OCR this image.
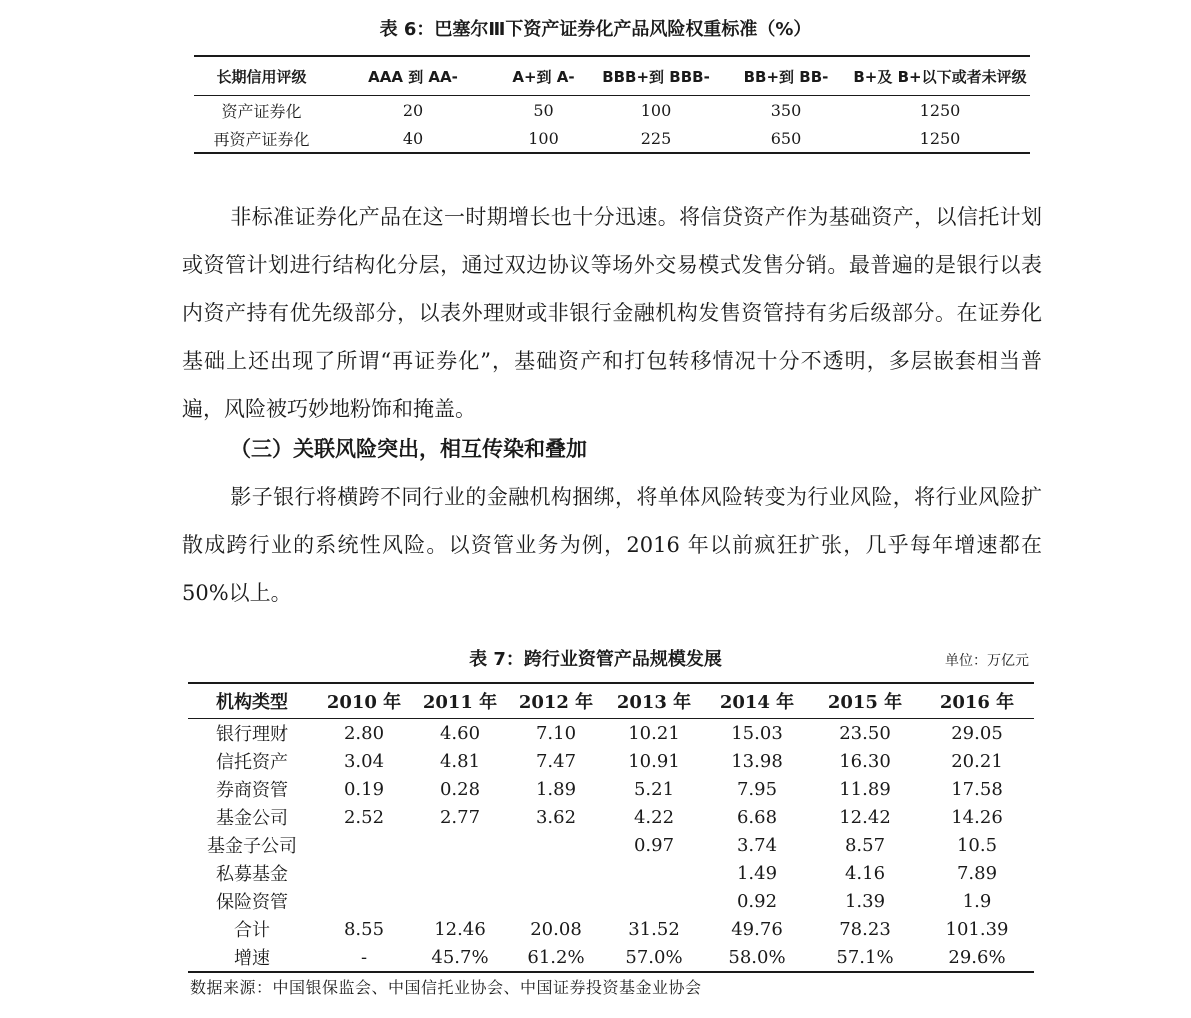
表 6：巴塞尔Ⅲ下资产证券化产品风险权重标准（%）
长期信用评级	AAA 到 AA-	A+到 A-	BBB+到 BBB-	BB+到 BB-	B+及 B+以下或者未评级
资产证券化	20	50	100	350	1250
再资产证券化	40	100	225	650	1250

非标准证券化产品在这一时期增长也十分迅速。将信贷资产作为基础资产，以信托计划或资管计划进行结构化分层，通过双边协议等场外交易模式发售分销。最普遍的是银行以表内资产持有优先级部分，以表外理财或非银行金融机构发售资管持有劣后级部分。在证券化基础上还出现了所谓“再证券化”，基础资产和打包转移情况十分不透明，多层嵌套相当普遍，风险被巧妙地粉饰和掩盖。

（三）关联风险突出，相互传染和叠加

影子银行将横跨不同行业的金融机构捆绑，将单体风险转变为行业风险，将行业风险扩散成跨行业的系统性风险。以资管业务为例，2016 年以前疯狂扩张，几乎每年增速都在 50%以上。

表 7：跨行业资管产品规模发展	单位：万亿元
机构类型	2010 年	2011 年	2012 年	2013 年	2014 年	2015 年	2016 年
银行理财	2.80	4.60	7.10	10.21	15.03	23.50	29.05
信托资产	3.04	4.81	7.47	10.91	13.98	16.30	20.21
券商资管	0.19	0.28	1.89	5.21	7.95	11.89	17.58
基金公司	2.52	2.77	3.62	4.22	6.68	12.42	14.26
基金子公司				0.97	3.74	8.57	10.5
私募基金					1.49	4.16	7.89
保险资管					0.92	1.39	1.9
合计	8.55	12.46	20.08	31.52	49.76	78.23	101.39
增速	-	45.7%	61.2%	57.0%	58.0%	57.1%	29.6%
数据来源：中国银保监会、中国信托业协会、中国证券投资基金业协会
